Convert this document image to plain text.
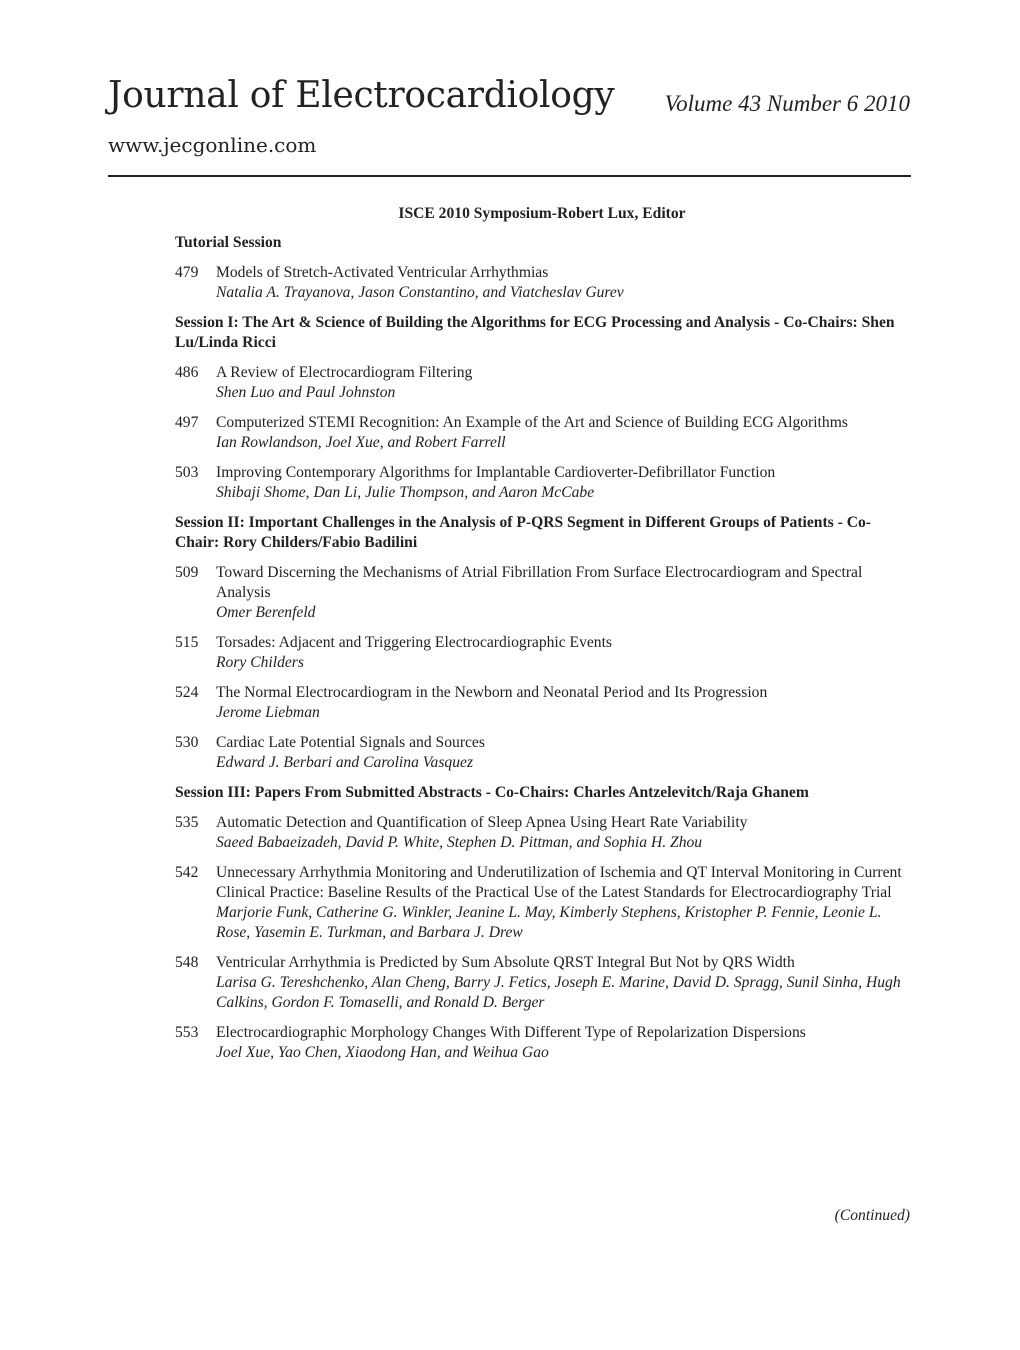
Journal of Electrocardiology Volume 43 Number 6 2010
www.jecgonline.com
ISCE 2010 Symposium-Robert Lux, Editor
Tutorial Session
479 Models of Stretch-Activated Ventricular Arrhythmias
Natalia A. Trayanova, Jason Constantino, and Viatcheslav Gurev
Session I: The Art & Science of Building the Algorithms for ECG Processing and Analysis - Co-Chairs: Shen Lu/Linda Ricci
486 A Review of Electrocardiogram Filtering
Shen Luo and Paul Johnston
497 Computerized STEMI Recognition: An Example of the Art and Science of Building ECG Algorithms
Ian Rowlandson, Joel Xue, and Robert Farrell
503 Improving Contemporary Algorithms for Implantable Cardioverter-Defibrillator Function
Shibaji Shome, Dan Li, Julie Thompson, and Aaron McCabe
Session II: Important Challenges in the Analysis of P-QRS Segment in Different Groups of Patients - Co-Chair: Rory Childers/Fabio Badilini
509 Toward Discerning the Mechanisms of Atrial Fibrillation From Surface Electrocardiogram and Spectral Analysis
Omer Berenfeld
515 Torsades: Adjacent and Triggering Electrocardiographic Events
Rory Childers
524 The Normal Electrocardiogram in the Newborn and Neonatal Period and Its Progression
Jerome Liebman
530 Cardiac Late Potential Signals and Sources
Edward J. Berbari and Carolina Vasquez
Session III: Papers From Submitted Abstracts - Co-Chairs: Charles Antzelevitch/Raja Ghanem
535 Automatic Detection and Quantification of Sleep Apnea Using Heart Rate Variability
Saeed Babaeizadeh, David P. White, Stephen D. Pittman, and Sophia H. Zhou
542 Unnecessary Arrhythmia Monitoring and Underutilization of Ischemia and QT Interval Monitoring in Current Clinical Practice: Baseline Results of the Practical Use of the Latest Standards for Electrocardiography Trial
Marjorie Funk, Catherine G. Winkler, Jeanine L. May, Kimberly Stephens, Kristopher P. Fennie, Leonie L. Rose, Yasemin E. Turkman, and Barbara J. Drew
548 Ventricular Arrhythmia is Predicted by Sum Absolute QRST Integral But Not by QRS Width
Larisa G. Tereshchenko, Alan Cheng, Barry J. Fetics, Joseph E. Marine, David D. Spragg, Sunil Sinha, Hugh Calkins, Gordon F. Tomaselli, and Ronald D. Berger
553 Electrocardiographic Morphology Changes With Different Type of Repolarization Dispersions
Joel Xue, Yao Chen, Xiaodong Han, and Weihua Gao
(Continued)
